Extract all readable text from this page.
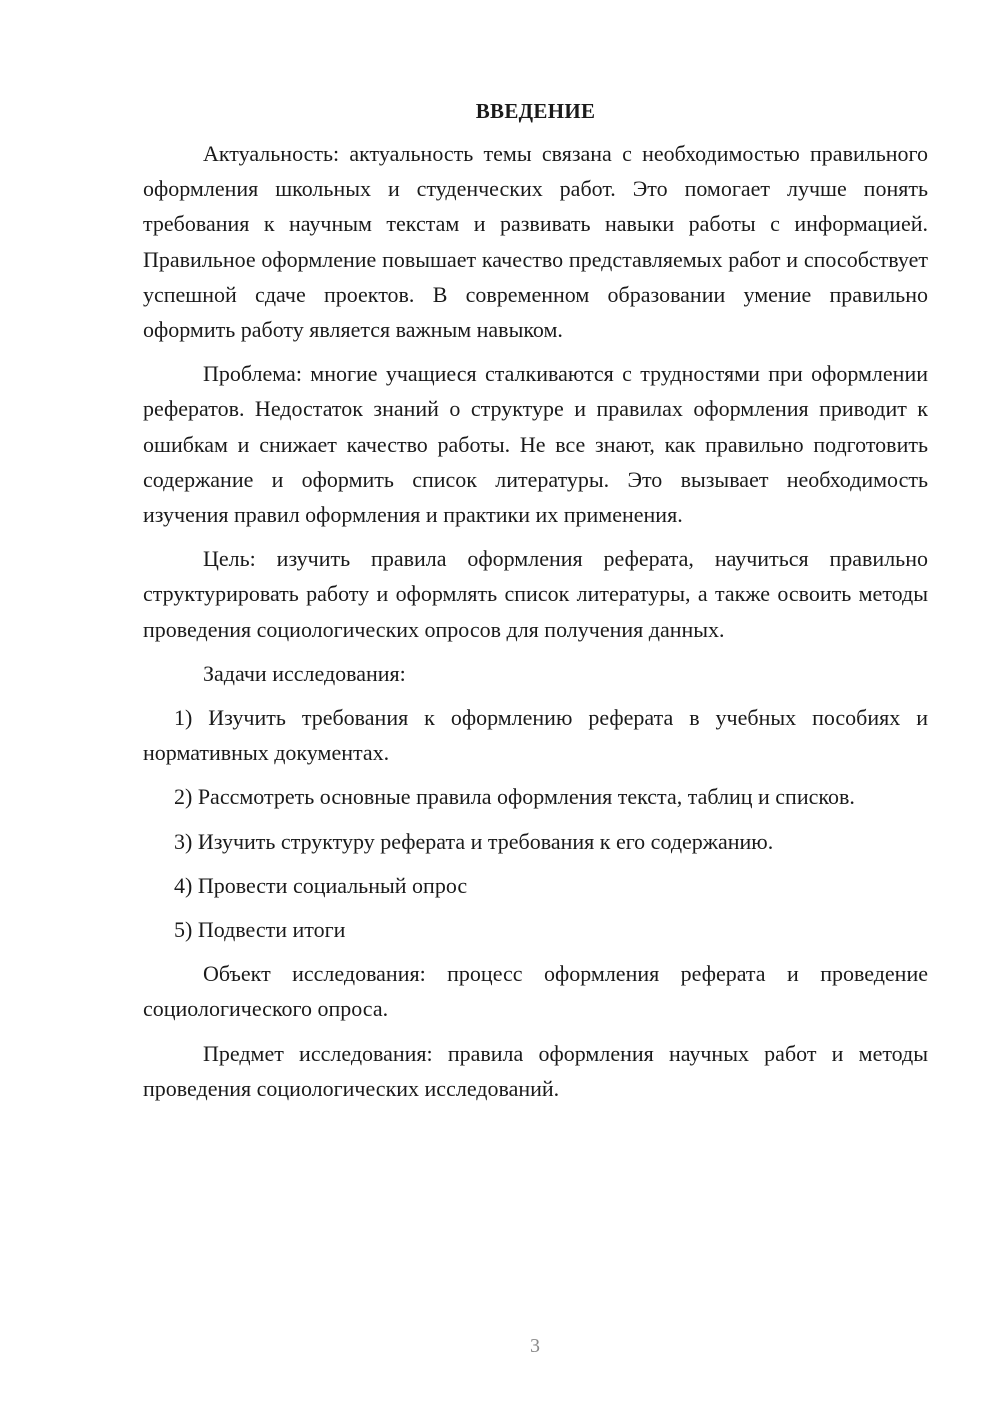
ВВЕДЕНИЕ

Актуальность: актуальность темы связана с необходимостью правильного оформления школьных и студенческих работ. Это помогает лучше понять требования к научным текстам и развивать навыки работы с информацией. Правильное оформление повышает качество представляемых работ и способствует успешной сдаче проектов. В современном образовании умение правильно оформить работу является важным навыком.

Проблема: многие учащиеся сталкиваются с трудностями при оформлении рефератов. Недостаток знаний о структуре и правилах оформления приводит к ошибкам и снижает качество работы. Не все знают, как правильно подготовить содержание и оформить список литературы. Это вызывает необходимость изучения правил оформления и практики их применения.

Цель: изучить правила оформления реферата, научиться правильно структурировать работу и оформлять список литературы, а также освоить методы проведения социологических опросов для получения данных.

Задачи исследования:

1) Изучить требования к оформлению реферата в учебных пособиях и нормативных документах.

2) Рассмотреть основные правила оформления текста, таблиц и списков.

3) Изучить структуру реферата и требования к его содержанию.

4) Провести социальный опрос

5) Подвести итоги

Объект исследования: процесс оформления реферата и проведение социологического опроса.

Предмет исследования: правила оформления научных работ и методы проведения социологических исследований.

3
